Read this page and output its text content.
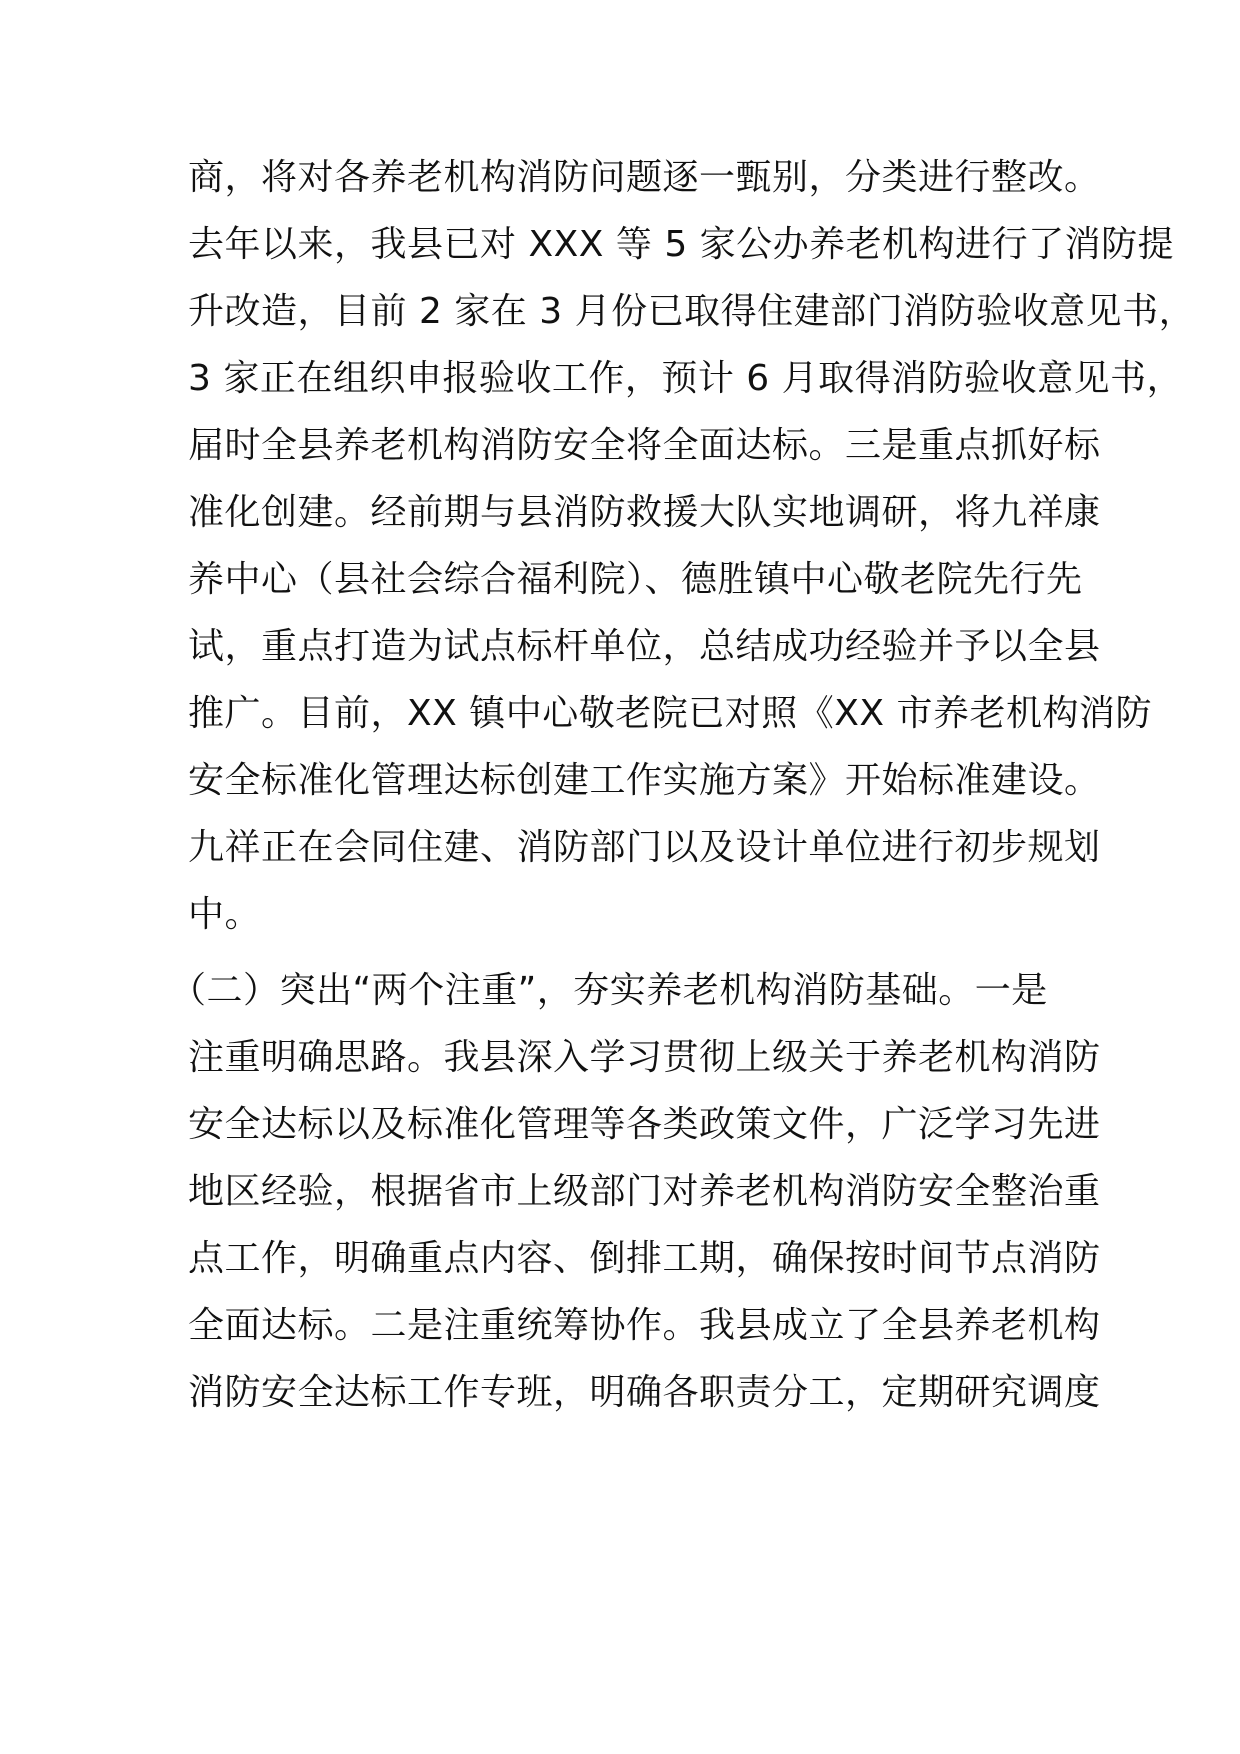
商，将对各养老机构消防问题逐一甄别，分类进行整改。
去年以来，我县已对 XXX 等 5 家公办养老机构进行了消防提
升改造，目前 2 家在 3 月份已取得住建部门消防验收意见书，
3 家正在组织申报验收工作，预计 6 月取得消防验收意见书，
届时全县养老机构消防安全将全面达标。三是重点抓好标
准化创建。经前期与县消防救援大队实地调研，将九祥康
养中心（县社会综合福利院）、德胜镇中心敬老院先行先
试，重点打造为试点标杆单位，总结成功经验并予以全县
推广。目前，XX 镇中心敬老院已对照《XX 市养老机构消防
安全标准化管理达标创建工作实施方案》开始标准建设。
九祥正在会同住建、消防部门以及设计单位进行初步规划
中。
（二）突出“两个注重”，夯实养老机构消防基础。一是
注重明确思路。我县深入学习贯彻上级关于养老机构消防
安全达标以及标准化管理等各类政策文件，广泛学习先进
地区经验，根据省市上级部门对养老机构消防安全整治重
点工作，明确重点内容、倒排工期，确保按时间节点消防
全面达标。二是注重统筹协作。我县成立了全县养老机构
消防安全达标工作专班，明确各职责分工，定期研究调度
